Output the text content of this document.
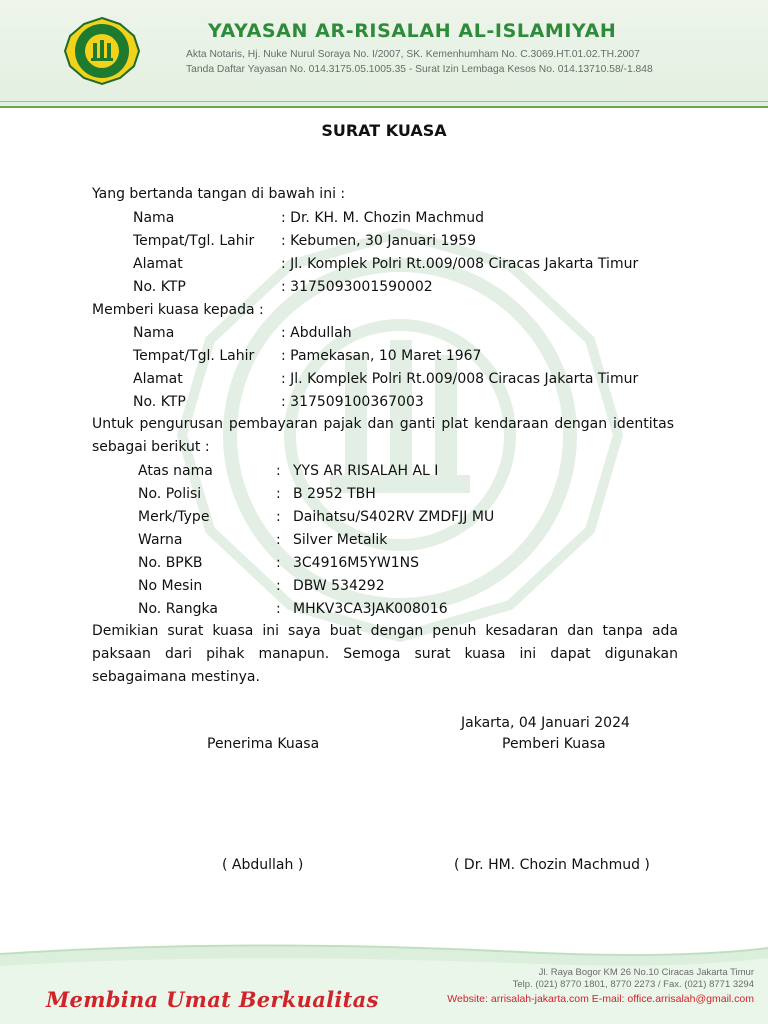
YAYASAN AR-RISALAH AL-ISLAMIYAH
Akta Notaris, Hj. Nuke Nurul Soraya No. I/2007, SK. Kemenhumham No. C.3069.HT.01.02.TH.2007
Tanda Daftar Yayasan No. 014.3175.05.1005.35 - Surat Izin Lembaga Kesos No. 014.13710.58/-1.848
SURAT KUASA
Yang bertanda tangan di bawah ini :
Nama	: Dr. KH. M. Chozin Machmud
Tempat/Tgl. Lahir : Kebumen, 30 Januari 1959
Alamat	: Jl. Komplek Polri Rt.009/008 Ciracas Jakarta Timur
No. KTP	: 3175093001590002
Memberi kuasa kepada :
Nama	: Abdullah
Tempat/Tgl. Lahir : Pamekasan, 10 Maret 1967
Alamat	: Jl. Komplek Polri Rt.009/008 Ciracas Jakarta Timur
No. KTP	: 317509100367003
Untuk pengurusan pembayaran pajak dan ganti plat kendaraan dengan identitas sebagai berikut :
Atas nama	: YYS AR RISALAH AL I
No. Polisi	: B 2952 TBH
Merk/Type	: Daihatsu/S402RV ZMDFJJ MU
Warna	: Silver Metalik
No. BPKB	: 3C4916M5YW1NS
No Mesin	: DBW 534292
No. Rangka	: MHKV3CA3JAK008016
Demikian surat kuasa ini saya buat dengan penuh kesadaran dan tanpa ada paksaan dari pihak manapun. Semoga surat kuasa ini dapat digunakan sebagaimana mestinya.
Jakarta, 04 Januari 2024
Penerima Kuasa	Pemberi Kuasa
( Abdullah )	( Dr. HM. Chozin Machmud )
Membina Umat Berkualitas
Jl. Raya Bogor KM 26 No.10 Ciracas Jakarta Timur
Telp. (021) 8770 1801, 8770 2273 / Fax. (021) 8771 3294
Website: arrisalah-jakarta.com E-mail: office.arrisalah@gmail.com
